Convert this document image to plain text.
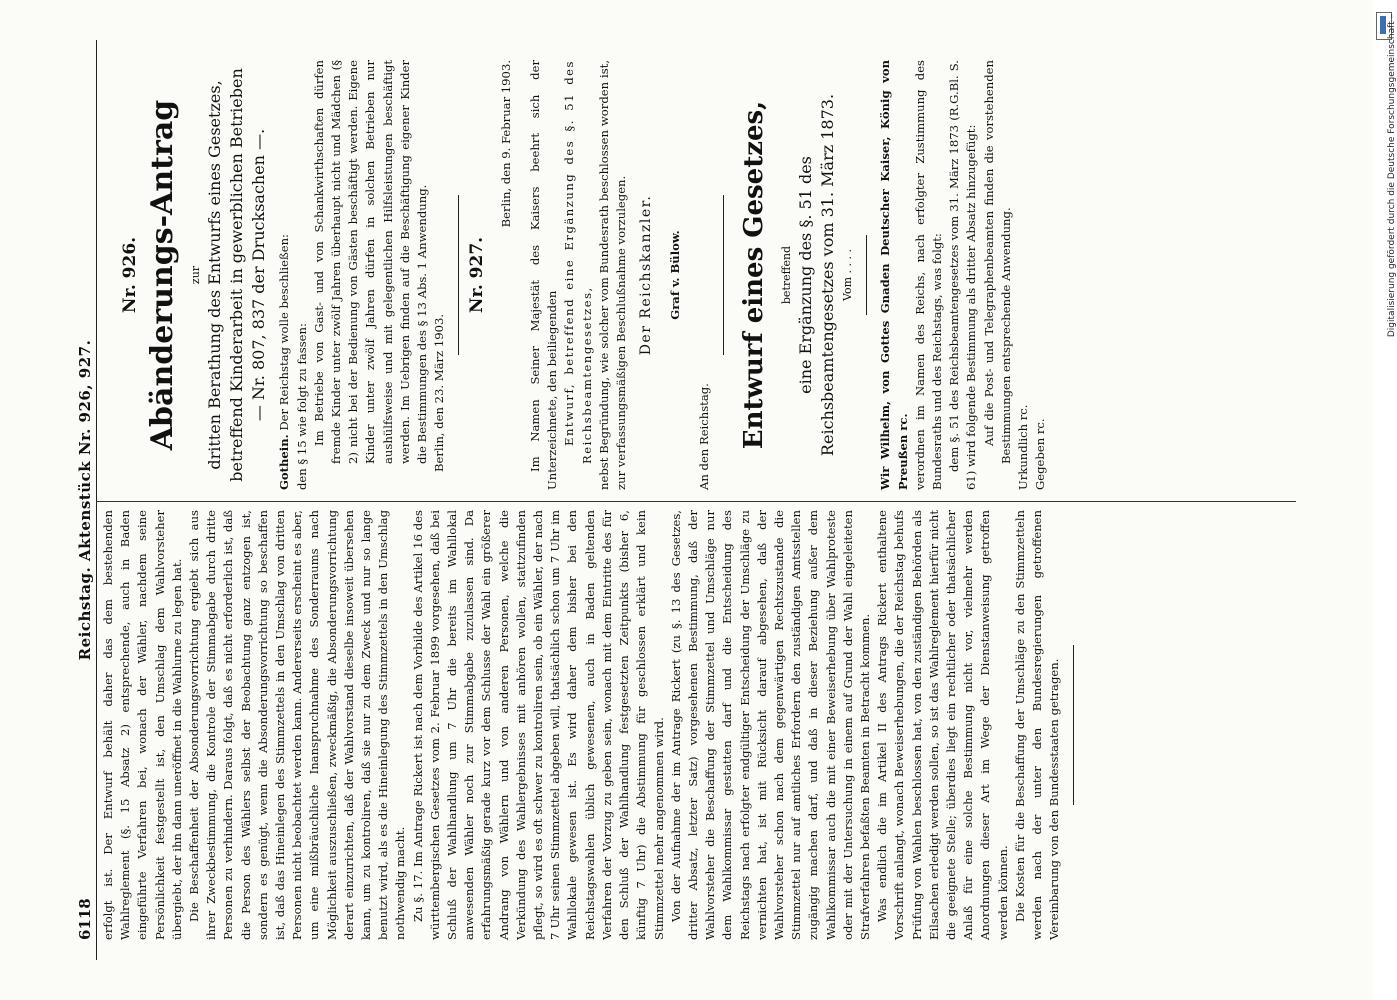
6118
Reichstag. Aktenstück Nr. 926, 927.

erfolgt ist. Der Entwurf behält daher das dem bestehenden Wahlreglement (§. 15 Absatz 2) entsprechende, auch in Baden eingeführte Verfahren bei, wonach der Wähler, nachdem seine Persönlichkeit festgestellt ist, den Umschlag dem Wahlvorsteher übergiebt, der ihn dann uneröffnet in die Wahlurne zu legen hat. Die Beschaffenheit der Absonderungsvorrichtung ergiebt sich aus ihrer Zweckbestimmung, die Kontrole der Stimmabgabe durch dritte Personen zu verhindern. Daraus folgt, daß es nicht erforderlich ist, daß die Person des Wählers selbst der Beobachtung ganz entzogen ist, sondern es genügt, wenn die Absonderungsvorrichtung so beschaffen ist, daß das Hineinlegen des Stimmzettels in den Umschlag von dritten Personen nicht beobachtet werden kann. Andererseits erscheint es aber, um eine mißbräuchliche Inanspruchnahme des Sonderraums nach Möglichkeit auszuschließen, zweckmäßig, die Absonderungsvorrichtung derart einzurichten, daß der Wahlvorstand dieselbe insoweit übersehen kann, um zu kontroliren, daß sie nur zu dem Zweck und nur so lange benutzt wird, als es die Hineinlegung des Stimmzettels in den Umschlag nothwendig macht. Zu §. 17. Im Antrage Rickert ist nach dem Vorbilde des Artikel 16 des württembergischen Gesetzes vom 2. Februar 1899 vorgesehen, daß bei Schluß der Wahlhandlung um 7 Uhr die bereits im Wahllokal anwesenden Wähler noch zur Stimmabgabe zuzulassen sind. Da erfahrungsmäßig gerade kurz vor dem Schlusse der Wahl ein größerer Andrang von Wählern und von anderen Personen, welche die Verkündung des Wahlergebnisses mit anhören wollen, stattzufinden pflegt, so wird es oft schwer zu kontroliren sein, ob ein Wähler, der nach 7 Uhr seinen Stimmzettel abgeben will, thatsächlich schon um 7 Uhr im Wahllokale gewesen ist. Es wird daher dem bisher bei den Reichstagswahlen üblich gewesenen, auch in Baden geltenden Verfahren der Vorzug zu geben sein, wonach mit dem Eintritte des für den Schluß der Wahlhandlung festgesetzten Zeitpunkts (bisher 6, künftig 7 Uhr) die Abstimmung für geschlossen erklärt und kein Stimmzettel mehr angenommen wird. Von der Aufnahme der im Antrage Rickert (zu §. 13 des Gesetzes, dritter Absatz, letzter Satz) vorgesehenen Bestimmung, daß der Wahlvorsteher die Beschaffung der Stimmzettel und Umschläge nur dem Wahlkommissar gestatten darf und die Entscheidung des Reichstags nach erfolgter endgültiger Entscheidung der Umschläge zu vernichten hat, ist mit Rücksicht darauf abgesehen, daß der Wahlvorsteher schon nach dem gegenwärtigen Rechtszustande die Stimmzettel nur auf amtliches Erfordern den zuständigen Amtsstellen zugängig machen darf, und daß in dieser Beziehung außer dem Wahlkommissar auch die mit einer Beweiserhebung über Wahlproteste oder mit der Untersuchung in einem auf Grund der Wahl eingeleiteten Strafverfahren befaßten Beamten in Betracht kommen. Was endlich die im Artikel II des Antrags Rickert enthaltene Vorschrift anlangt, wonach Beweiserhebungen, die der Reichstag behufs Prüfung von Wahlen beschlossen hat, von den zuständigen Behörden als Eilsachen erledigt werden sollen, so ist das Wahlreglement hierfür nicht die geeignete Stelle; überdies liegt ein rechtlicher oder thatsächlicher Anlaß für eine solche Bestimmung nicht vor, vielmehr werden Anordnungen dieser Art im Wege der Dienstanweisung getroffen werden können. Die Kosten für die Beschaffung der Umschläge zu den Stimmzetteln werden nach der unter den Bundesregierungen getroffenen Vereinbarung von den Bundesstaaten getragen.

Nr. 926. Abänderungs-Antrag zur dritten Berathung des Entwurfs eines Gesetzes, betreffend Kinderarbeit in gewerblichen Betrieben — Nr. 807, 837 der Drucksachen —.

Gothein. Der Reichstag wolle beschließen: den § 15 wie folgt zu fassen: Im Betriebe von Gast- und von Schankwirthschaften dürfen fremde Kinder unter zwölf Jahren überhaupt nicht und Mädchen (§ 2) nicht bei der Bedienung von Gästen beschäftigt werden. Eigene Kinder unter zwölf Jahren dürfen in solchen Betrieben nur aushülfsweise und mit gelegentlichen Hilfsleistungen beschäftigt werden. Im Uebrigen finden auf die Beschäftigung eigener Kinder die Bestimmungen des § 13 Abs. 1 Anwendung. Berlin, den 23. März 1903.

Nr. 927.

Berlin, den 9. Februar 1903. Im Namen Seiner Majestät des Kaisers beehrt sich der Unterzeichnete, den beiliegenden Entwurf, betreffend eine Ergänzung des §. 51 des Reichsbeamtengesetzes, nebst Begründung, wie solcher vom Bundesrath beschlossen worden ist, zur verfassungsmäßigen Beschlußnahme vorzulegen. Der Reichskanzler. Graf v. Bülow.

An den Reichstag. Entwurf eines Gesetzes,	betreffend eine Ergänzung des §. 51 des Reichsbeamtengesetzes vom 31. März 1873. Vom . . . . Wir Wilhelm, von Gottes Gnaden Deutscher Kaiser, König von Preußen rc. verordnen im Namen des Reichs, nach erfolgter Zustimmung des Bundesraths und des Reichstags, was folgt: dem §. 51 des Reichsbeamtengesetzes vom 31. März 1873 (R.G.Bl. S. 61) wird folgende Bestimmung als dritter Absatz hinzugefügt: Auf die Post- und Telegraphenbeamten finden die vorstehenden Bestimmungen entsprechende Anwendung. Urkundlich rc. Gegeben rc.

Digitalisierung gefördert durch die Deutsche Forschungsgemeinschaft –
